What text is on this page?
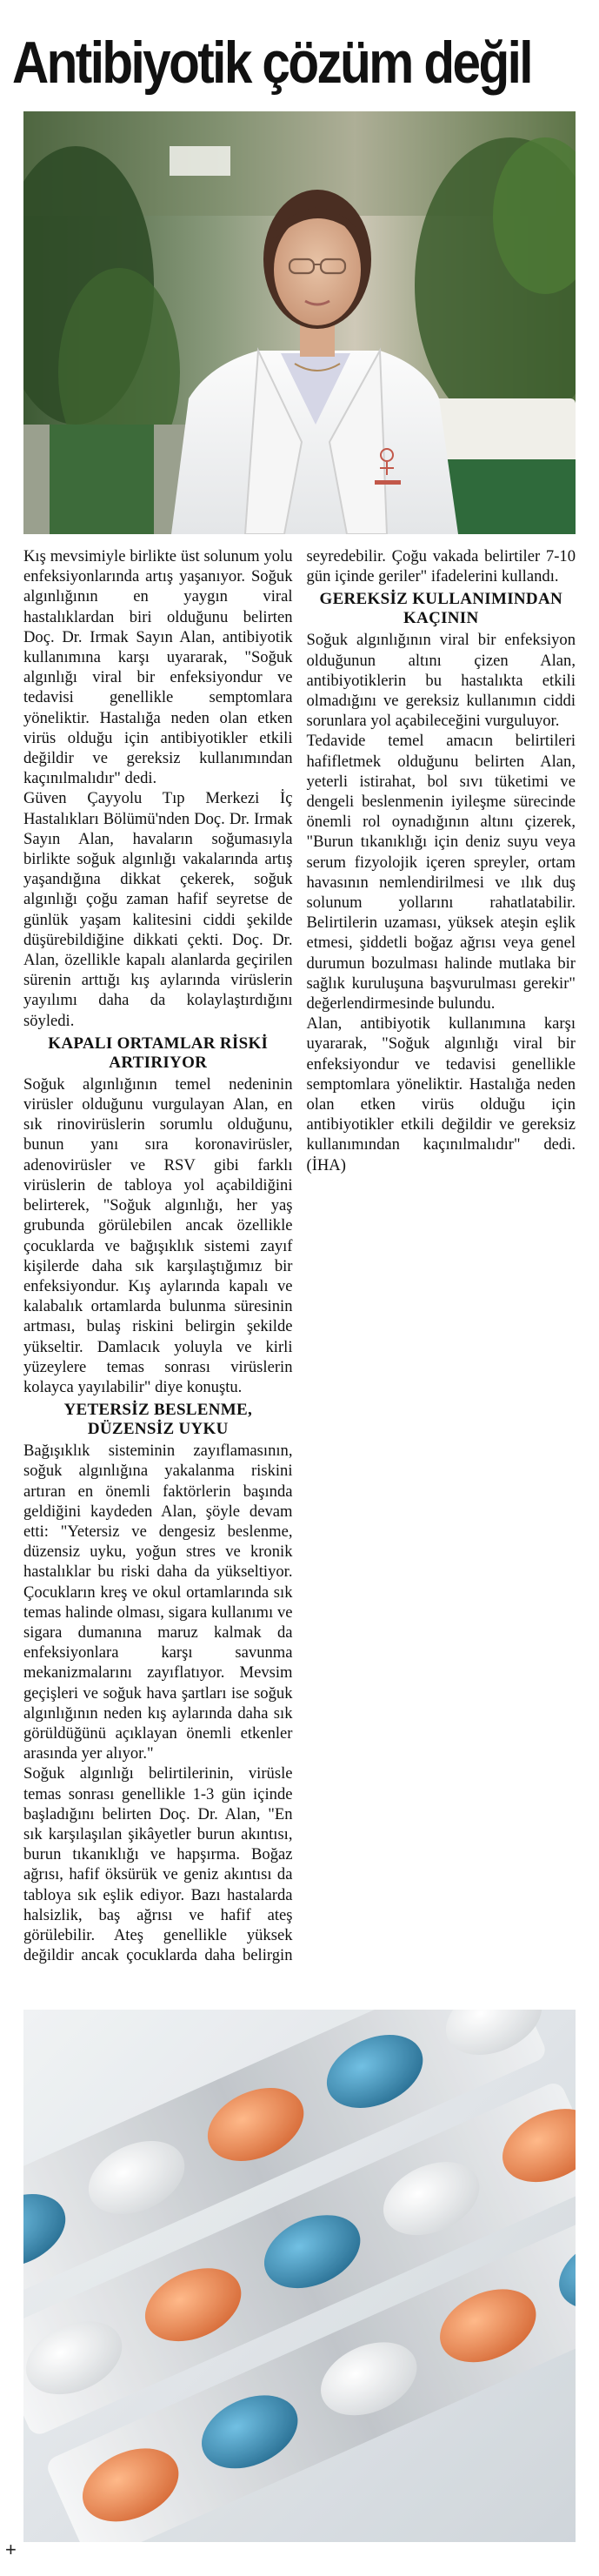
Antibiyotik çözüm değil

Kış mevsimiyle birlikte üst solunum yolu enfeksiyonlarında artış yaşanıyor. Soğuk algınlığının en yaygın viral hastalıklardan biri olduğunu belirten Doç. Dr. Irmak Sayın Alan, antibiyotik kullanımına karşı uyararak, "Soğuk algınlığı viral bir enfeksiyondur ve tedavisi genellikle semptomlara yöneliktir. Hastalığa neden olan etken virüs olduğu için antibiyotikler etkili değildir ve gereksiz kullanımından kaçınılmalıdır" dedi.

Güven Çayyolu Tıp Merkezi İç Hastalıkları Bölümü'nden Doç. Dr. Irmak Sayın Alan, havaların soğumasıyla birlikte soğuk algınlığı vakalarında artış yaşandığına dikkat çekerek, soğuk algınlığı çoğu zaman hafif seyretse de günlük yaşam kalitesini ciddi şekilde düşürebildiğine dikkati çekti. Doç. Dr. Alan, özellikle kapalı alanlarda geçirilen sürenin arttığı kış aylarında virüslerin yayılımı daha da kolaylaştırdığını söyledi.

KAPALI ORTAMLAR RİSKİ ARTIRIYOR

Soğuk algınlığının temel nedeninin virüsler olduğunu vurgulayan Alan, en sık rinovirüslerin sorumlu olduğunu, bunun yanı sıra koronavirüsler, adenovirüsler ve RSV gibi farklı virüslerin de tabloya yol açabildiğini belirterek, "Soğuk algınlığı, her yaş grubunda görülebilen ancak özellikle çocuklarda ve bağışıklık sistemi zayıf kişilerde daha sık karşılaştığımız bir enfeksiyondur. Kış aylarında kapalı ve kalabalık ortamlarda bulunma süresinin artması, bulaş riskini belirgin şekilde yükseltir. Damlacık yoluyla ve kirli yüzeylere temas sonrası virüslerin kolayca yayılabilir" diye konuştu.

YETERSİZ BESLENME, DÜZENSİZ UYKU

Bağışıklık sisteminin zayıflamasının, soğuk algınlığına yakalanma riskini artıran en önemli faktörlerin başında geldiğini kaydeden Alan, şöyle devam etti: "Yetersiz ve dengesiz beslenme, düzensiz uyku, yoğun stres ve kronik hastalıklar bu riski daha da yükseltiyor. Çocukların kreş ve okul ortamlarında sık temas halinde olması, sigara kullanımı ve sigara dumanına maruz kalmak da enfeksiyonlara karşı savunma mekanizmalarını zayıflatıyor. Mevsim geçişleri ve soğuk hava şartları ise soğuk algınlığının neden kış aylarında daha sık görüldüğünü açıklayan önemli etkenler arasında yer alıyor."

Soğuk algınlığı belirtilerinin, virüsle temas sonrası genellikle 1-3 gün içinde başladığını belirten Doç. Dr. Alan, "En sık karşılaşılan şikâyetler burun akıntısı, burun tıkanıklığı ve hapşırma. Boğaz ağrısı, hafif öksürük ve geniz akıntısı da tabloya sık eşlik ediyor. Bazı hastalarda halsizlik, baş ağrısı ve hafif ateş görülebilir. Ateş genellikle yüksek değildir ancak çocuklarda daha belirgin seyredebilir. Çoğu vakada belirtiler 7-10 gün içinde geriler" ifadelerini kullandı.

GEREKSİZ KULLANIMINDAN KAÇININ

Soğuk algınlığının viral bir enfeksiyon olduğunun altını çizen Alan, antibiyotiklerin bu hastalıkta etkili olmadığını ve gereksiz kullanımın ciddi sorunlara yol açabileceğini vurguluyor.

Tedavide temel amacın belirtileri hafifletmek olduğunu belirten Alan, yeterli istirahat, bol sıvı tüketimi ve dengeli beslenmenin iyileşme sürecinde önemli rol oynadığının altını çizerek, "Burun tıkanıklığı için deniz suyu veya serum fizyolojik içeren spreyler, ortam havasının nemlendirilmesi ve ılık duş solunum yollarını rahatlatabilir. Belirtilerin uzaması, yüksek ateşin eşlik etmesi, şiddetli boğaz ağrısı veya genel durumun bozulması halinde mutlaka bir sağlık kuruluşuna başvurulması gerekir" değerlendirmesinde bulundu.

Alan, antibiyotik kullanımına karşı uyararak, "Soğuk algınlığı viral bir enfeksiyondur ve tedavisi genellikle semptomlara yöneliktir. Hastalığa neden olan etken virüs olduğu için antibiyotikler etkili değildir ve gereksiz kullanımından kaçınılmalıdır" dedi.(İHA)

+
